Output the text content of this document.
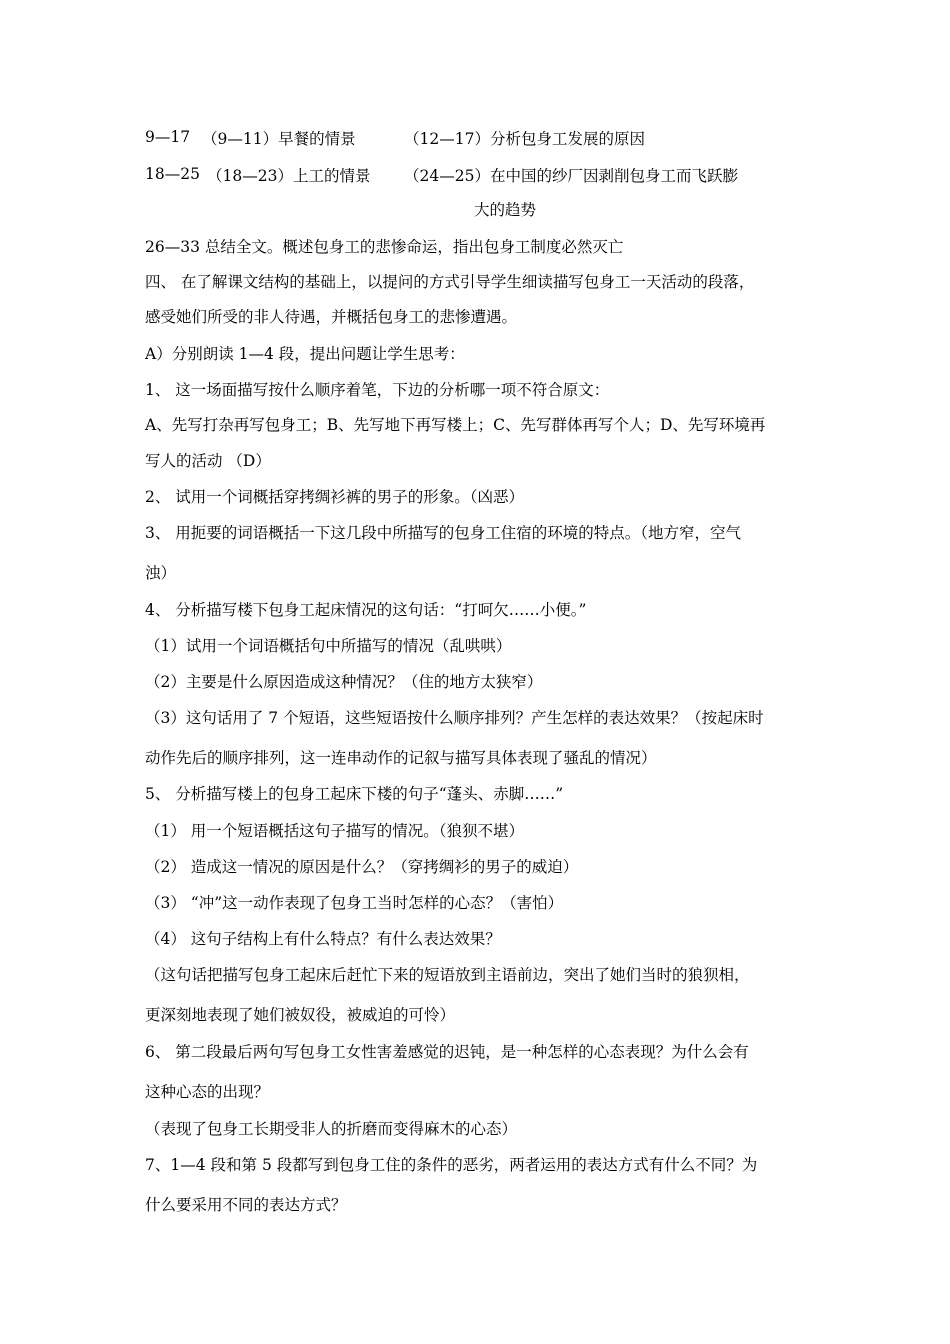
9—17 （9—11）早餐的情景	（12—17）分析包身工发展的原因
18—25 （18—23）上工的情景 （24—25）在中国的纱厂因剥削包身工而飞跃膨
大的趋势
26—33 总结全文。概述包身工的悲惨命运，指出包身工制度必然灭亡
四、 在了解课文结构的基础上，以提问的方式引导学生细读描写包身工一天活动的段落，
感受她们所受的非人待遇，并概括包身工的悲惨遭遇。
A）分别朗读 1—4 段，提出问题让学生思考：
1、 这一场面描写按什么顺序着笔，下边的分析哪一项不符合原文：
A、先写打杂再写包身工；B、先写地下再写楼上；C、先写群体再写个人；D、先写环境再
写人的活动 （D）
2、 试用一个词概括穿拷绸衫裤的男子的形象。（凶恶）
3、 用扼要的词语概括一下这几段中所描写的包身工住宿的环境的特点。（地方窄，空气
浊）
4、 分析描写楼下包身工起床情况的这句话：“打呵欠……小便。”
（1）试用一个词语概括句中所描写的情况（乱哄哄）
（2）主要是什么原因造成这种情况？（住的地方太狭窄）
（3）这句话用了 7 个短语，这些短语按什么顺序排列？产生怎样的表达效果？（按起床时
动作先后的顺序排列，这一连串动作的记叙与描写具体表现了骚乱的情况）
5、 分析描写楼上的包身工起床下楼的句子“蓬头、赤脚……”
（1） 用一个短语概括这句子描写的情况。（狼狈不堪）
（2） 造成这一情况的原因是什么？（穿拷绸衫的男子的威迫）
（3） “冲”这一动作表现了包身工当时怎样的心态？（害怕）
（4） 这句子结构上有什么特点？有什么表达效果？
（这句话把描写包身工起床后赶忙下来的短语放到主语前边，突出了她们当时的狼狈相，
更深刻地表现了她们被奴役，被威迫的可怜）
6、 第二段最后两句写包身工女性害羞感觉的迟钝，是一种怎样的心态表现？为什么会有
这种心态的出现？
（表现了包身工长期受非人的折磨而变得麻木的心态）
7、1—4 段和第 5 段都写到包身工住的条件的恶劣，两者运用的表达方式有什么不同？为
什么要采用不同的表达方式？
